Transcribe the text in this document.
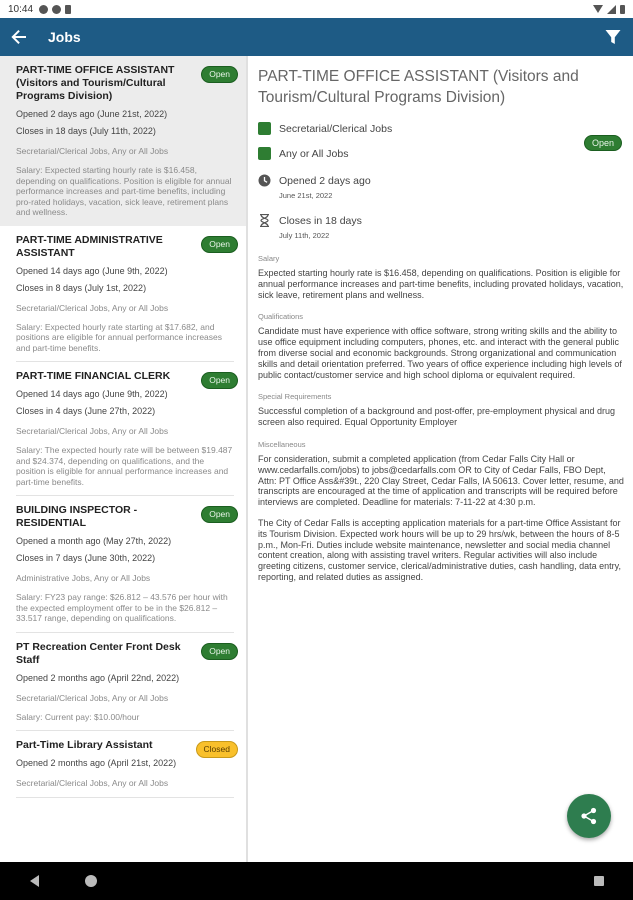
10:44
Jobs
PART-TIME OFFICE ASSISTANT (Visitors and Tourism/Cultural Programs Division)
Open
Opened 2 days ago (June 21st, 2022)
Closes in 18 days (July 11th, 2022)
Secretarial/Clerical Jobs, Any or All Jobs
Salary: Expected starting hourly rate is $16.458, depending on qualifications. Position is eligible for annual performance increases and part-time benefits, including pro-rated holidays, vacation, sick leave, retirement plans and wellness.
PART-TIME ADMINISTRATIVE ASSISTANT
Open
Opened 14 days ago (June 9th, 2022)
Closes in 8 days (July 1st, 2022)
Secretarial/Clerical Jobs, Any or All Jobs
Salary: Expected hourly rate starting at $17.682, and positions are eligible for annual performance increases and part-time benefits.
PART-TIME FINANCIAL CLERK	Open
Opened 14 days ago (June 9th, 2022)
Closes in 4 days (June 27th, 2022)
Secretarial/Clerical Jobs, Any or All Jobs
Salary: The expected hourly rate will be between $19.487 and $24.374, depending on qualifications, and the position is eligible for annual performance increases and part-time benefits.
BUILDING INSPECTOR - RESIDENTIAL
Open
Opened a month ago (May 27th, 2022)
Closes in 7 days (June 30th, 2022)
Administrative Jobs, Any or All Jobs
Salary: FY23 pay range: $26.812 – 43.576 per hour with the expected employment offer to be in the $26.812 – 33.517 range, depending on qualifications.
PT Recreation Center Front Desk Staff
Open
Opened 2 months ago (April 22nd, 2022)
Secretarial/Clerical Jobs, Any or All Jobs
Salary: Current pay: $10.00/hour
Part-Time Library Assistant	Closed
Opened 2 months ago (April 21st, 2022)
Secretarial/Clerical Jobs, Any or All Jobs
PART-TIME OFFICE ASSISTANT (Visitors and Tourism/Cultural Programs Division)
Open
Secretarial/Clerical Jobs
Any or All Jobs
Opened 2 days ago
June 21st, 2022
Closes in 18 days
July 11th, 2022
Salary
Expected starting hourly rate is $16.458, depending on qualifications. Position is eligible for annual performance increases and part-time benefits, including provated holidays, vacation, sick leave, retirement plans and wellness.
Qualifications
Candidate must have experience with office software, strong writing skills and the ability to use office equipment including computers, phones, etc. and interact with the general public from diverse social and economic backgrounds. Strong organizational and communication skills and detail orientation preferred. Two years of office experience including high levels of public contact/customer service and high school diploma or equivalent required.
Special Requirements
Successful completion of a background and post-offer, pre-employment physical and drug screen also required. Equal Opportunity Employer
Miscellaneous
For consideration, submit a completed application (from Cedar Falls City Hall or www.cedarfalls.com/jobs) to jobs@cedarfalls.com OR to City of Cedar Falls, FBO Dept, Attn: PT Office Ass&#39t., 220 Clay Street, Cedar Falls, IA 50613. Cover letter, resume, and transcripts are encouraged at the time of application and transcripts will be required before interviews are completed. Deadline for materials: 7-11-22 at 4:30 p.m.
The City of Cedar Falls is accepting application materials for a part-time Office Assistant for its Tourism Division. Expected work hours will be up to 29 hrs/wk, between the hours of 8-5 p.m., Mon-Fri. Duties include website maintenance, newsletter and social media channel content creation, along with assisting travel writers. Regular activities will also include greeting citizens, customer service, clerical/administrative duties, cash handling, data entry, reporting, and related duties as assigned.
